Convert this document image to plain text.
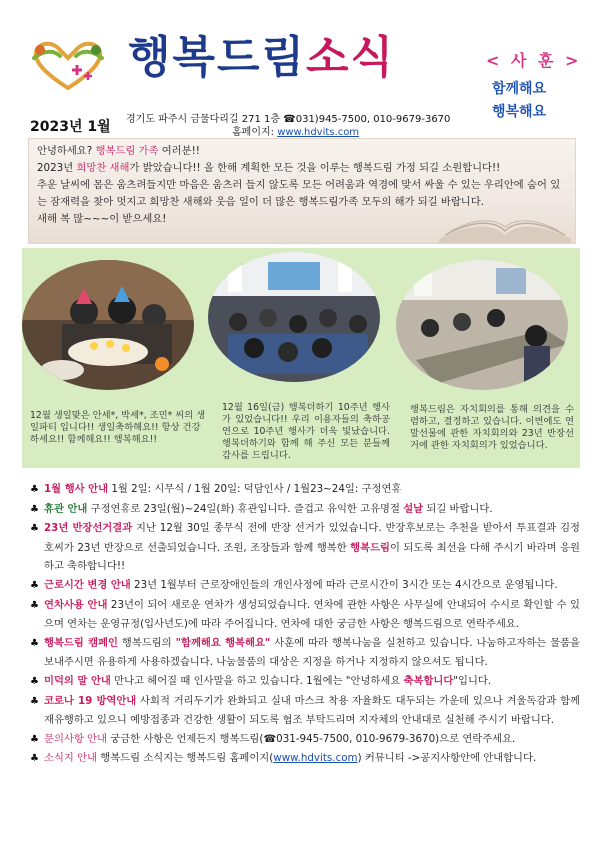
행복드림소식	< 사 훈 >
함께해요
행복해요
2023년 1월 경기도 파주시 금물다리길 271 1층 ☎031)945-7500, 010-9679-3670
홈페이지: www.hdvits.com
안녕하세요? 행복드림 가족 여러분!!
2023년 희망찬 새해가 밝았습니다!! 올 한해 계획한 모든 것을 이루는 행복드림 가정 되길 소원합니다!!
추운 날씨에 몸은 움츠려들지만 마음은 움츠러 들지 않도록 모든 어려움과 역경에 맞서 싸울 수 있는 우리안에 숨어 있는 잠재력을 찾아 멋지고 희망찬 새해와 웃음 일이 더 많은 행복드림가족 모두의 해가 되길 바랍니다.
새해 복 많~~~이 받으세요!
12월 생일맞은 안세*, 박세*, 조민* 씨의 생일파티 입니다!! 생일축하해요!! 항상 건강하세요!! 함께해요!! 행복해요!!
12월 16일(금) 행복더하기 10주년 행사가 있었습니다!! 우리 이용자들의 축하공연으로 10주년 행사가 더욱 빛났습니다. 행복더하기와 함께 해 주신 모든 분들께 감사를 드립니다.
행복드림은 자치회의를 통해 의견을 수렴하고, 결정하고 있습니다. 이번에도 연말선물에 관한 자치회의와 23년 반장선거에 관한 자치회의가 있었습니다.

♣ 1월 행사 안내 1월 2일: 시무식 / 1월 20일: 덕담인사 / 1월23~24일: 구정연휴

♣ 휴관 안내 구정연휴로 23일(월)~24일(화) 휴관입니다. 즐겁고 유익한 고유명절 설날 되길 바랍니다.

♣ 23년 반장선거결과 지난 12월 30일 종무식 전에 반장 선거가 있었습니다. 반장후보로는 추천을 받아서 투표결과 김정호씨가 23년 반장으로 선출되었습니다. 조원, 조장들과 함께 행복한 행복드림이 되도록 최선을 다해 주시기 바라며 응원하고 축하합니다!!

♣ 근로시간 변경 안내 23년 1월부터 근로장애인들의 개인사정에 따라 근로시간이 3시간 또는 4시간으로 운영됩니다.

♣ 연차사용 안내 23년이 되어 새로운 연차가 생성되었습니다. 연차에 관한 사항은 사무실에 안내되어 수시로 확인할 수 있으며 연차는 운영규정(입사년도)에 따라 주어집니다. 연차에 대한 궁금한 사항은 행복드림으로 연락주세요.

♣ 행복드림 캠페인 행복드림의 "함께해요 행복해요" 사훈에 따라 행복나눔을 실천하고 있습니다. 나눔하고자하는 물품을 보내주시면 유용하게 사용하겠습니다. 나눔물품의 대상은 지정을 하거나 지정하지 않으셔도 됩니다.

♣ 미덕의 말 안내 만나고 헤어질 때 인사말을 하고 있습니다. 1월에는 "안녕하세요 축복합니다"입니다.

♣ 코로나 19 방역안내 사회적 거리두기가 완화되고 실내 마스크 착용 자율화도 대두되는 가운데 있으나 겨울독감과 함께 재유행하고 있으니 예방접종과 건강한 생활이 되도록 협조 부탁드리며 지자체의 안내대로 실천해 주시기 바랍니다.

♣ 문의사항 안내 궁금한 사항은 언제든지 행복드림(☎031-945-7500, 010-9679-3670)으로 연락주세요.

♣ 소식지 안내 행복드림 소식지는 행복드림 홈페이지(www.hdvits.com) 커뮤니티 ->공지사항안에 안내합니다.
